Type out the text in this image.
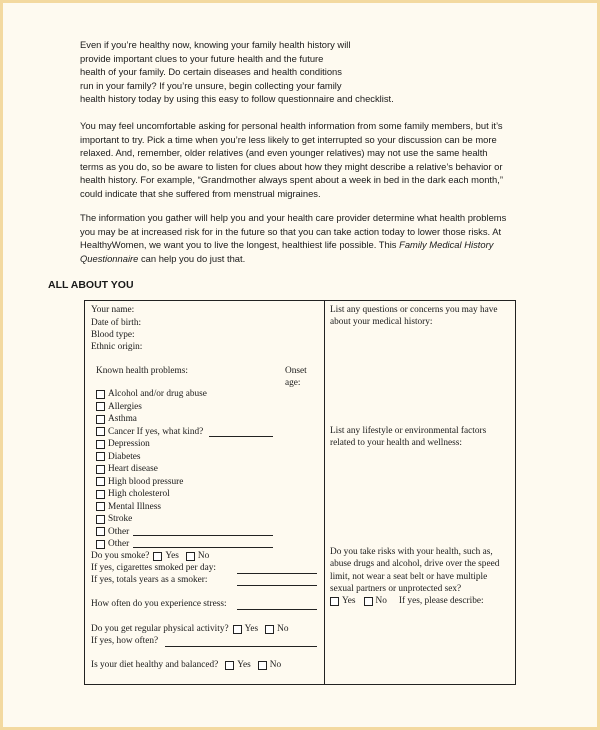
Even if you’re healthy now, knowing your family health history will

provide important clues to your future health and the future

health of your family. Do certain diseases and health conditions

run in your family? If you’re unsure, begin collecting your family

health history today by using this easy to follow questionnaire and checklist.

You may feel uncomfortable asking for personal health information from some family members, but it’s

important to try. Pick a time when you’re less likely to get interrupted so your discussion can be more

relaxed. And, remember, older relatives (and even younger relatives) may not use the same health

terms as you do, so be aware to listen for clues about how they might describe a relative’s behavior or

health history. For example, “Grandmother always spent about a week in bed in the dark each month,”

could indicate that she suffered from menstrual migraines.

The information you gather will help you and your health care provider determine what health problems

you may be at increased risk for in the future so that you can take action today to lower those risks. At

HealthyWomen, we want you to live the longest, healthiest life possible. This Family Medical History

Questionnaire can help you do just that.

ALL ABOUT YOU
Your name:
Date of birth:
Blood type:
Ethnic origin:
Known health problems:	Onset
age:
Alcohol and/or drug abuse
Allergies
Asthma
Cancer If yes, what kind?
Depression
Diabetes
Heart disease
High blood pressure
High cholesterol
Mental Illness
Stroke
Other
Other
Do you smoke? Yes No
If yes, cigarettes smoked per day:
If yes, totals years as a smoker:
How often do you experience stress:
Do you get regular physical activity? Yes No
If yes, how often?
Is your diet healthy and balanced? Yes No
List any questions or concerns you may have
about your medical history:
List any lifestyle or environmental factors
related to your health and wellness:
Do you take risks with your health, such as,
abuse drugs and alcohol, drive over the speed
limit, not wear a seat belt or have multiple
sexual partners or unprotected sex?
Yes No If yes, please describe:
